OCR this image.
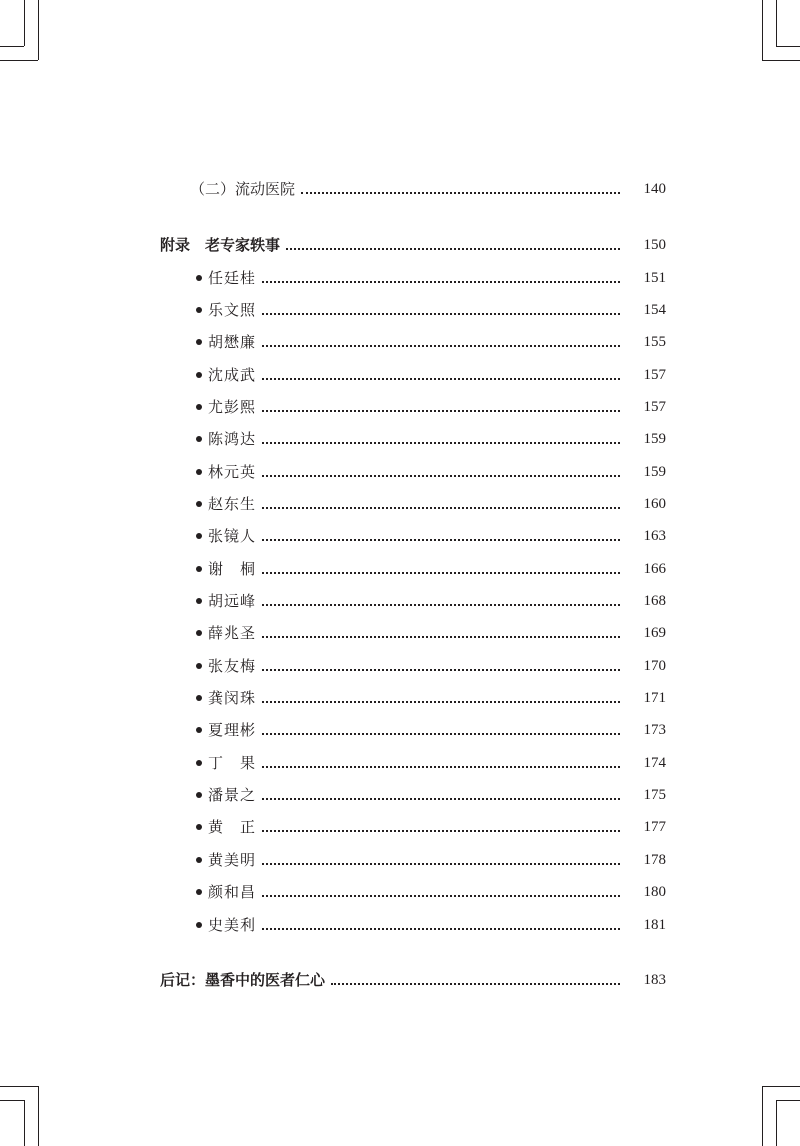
（二）流动医院	140
附录　老专家轶事	150
任廷桂	151
乐文照	154
胡懋廉	155
沈成武	157
尤彭熙	157
陈鸿达	159
林元英	159
赵东生	160
张镜人	163
谢　桐	166
胡远峰	168
薛兆圣	169
张友梅	170
龚闵珠	171
夏理彬	173
丁　果	174
潘景之	175
黄　正	177
黄美明	178
颜和昌	180
史美利	181
后记：墨香中的医者仁心	183
